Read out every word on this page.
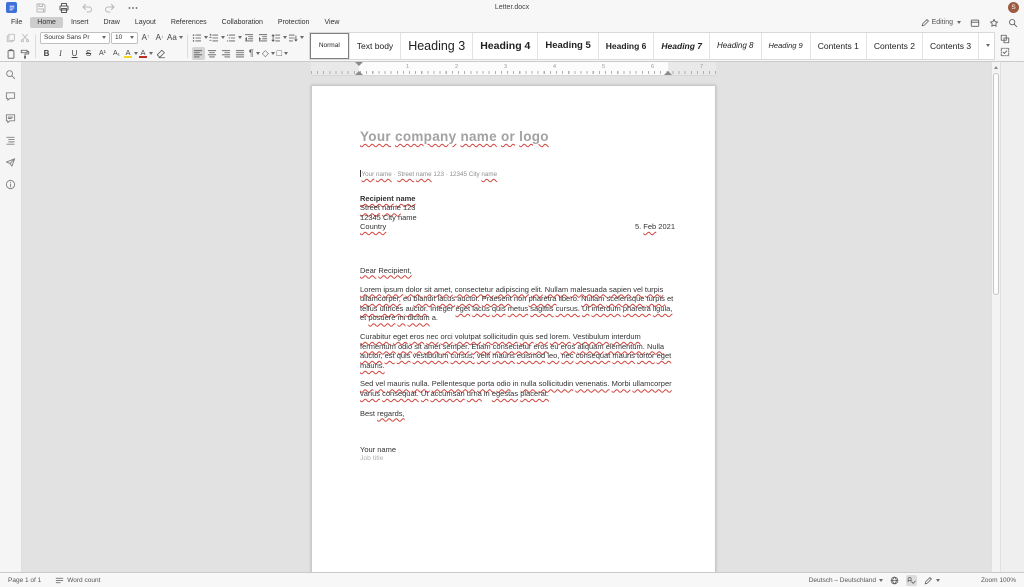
Letter.docx	S
File	Home	Insert	Draw	Layout	References	Collaboration	Protection	View	Editing
Source Sans Pr	10 A ↑ A ↓ Aa
B	I	U	S	A¹ A₁ A A	¶ ◇ □
Normal	Text body	Heading 3	Heading 4	Heading 5	Heading 6	Heading 7	Heading 8	Heading 9	Contents 1	Contents 2	Contents 3
1	2	3	4	5	6	7
Your company name or logo
Your name · Street name 123 · 12345 City name
Recipient name
Street name 123
12345 City name
Country	5. Feb 2021
Dear Recipient,

Lorem ipsum dolor sit amet, consectetur adipiscing elit. Nullam malesuada sapien vel turpis ullamcorper, eu blandit lacus auctor. Praesent non pharetra libero. Nullam scelerisque turpis et tellus ultrices auctor. Integer eget lacus quis metus sagittis cursus. Ut interdum pharetra ligula, et posuere mi dictum a.

Curabitur eget eros nec orci volutpat sollicitudin quis sed lorem. Vestibulum interdum fermentum odio sit amet semper. Etiam consectetur eros eu eros aliquam elementum. Nulla auctor, est quis vestibulum cursus, velit mauris euismod leo, nec consequat mauris tortor eget mauris.

Sed vel mauris nulla. Pellentesque porta odio in nulla sollicitudin venenatis. Morbi ullamcorper varius consequat. Ut accumsan urna in egestas placerat.

Best regards,
Your name
Job title
Page 1 of 1	Word count	Deutsch – Deutschland	Zoom 100%
